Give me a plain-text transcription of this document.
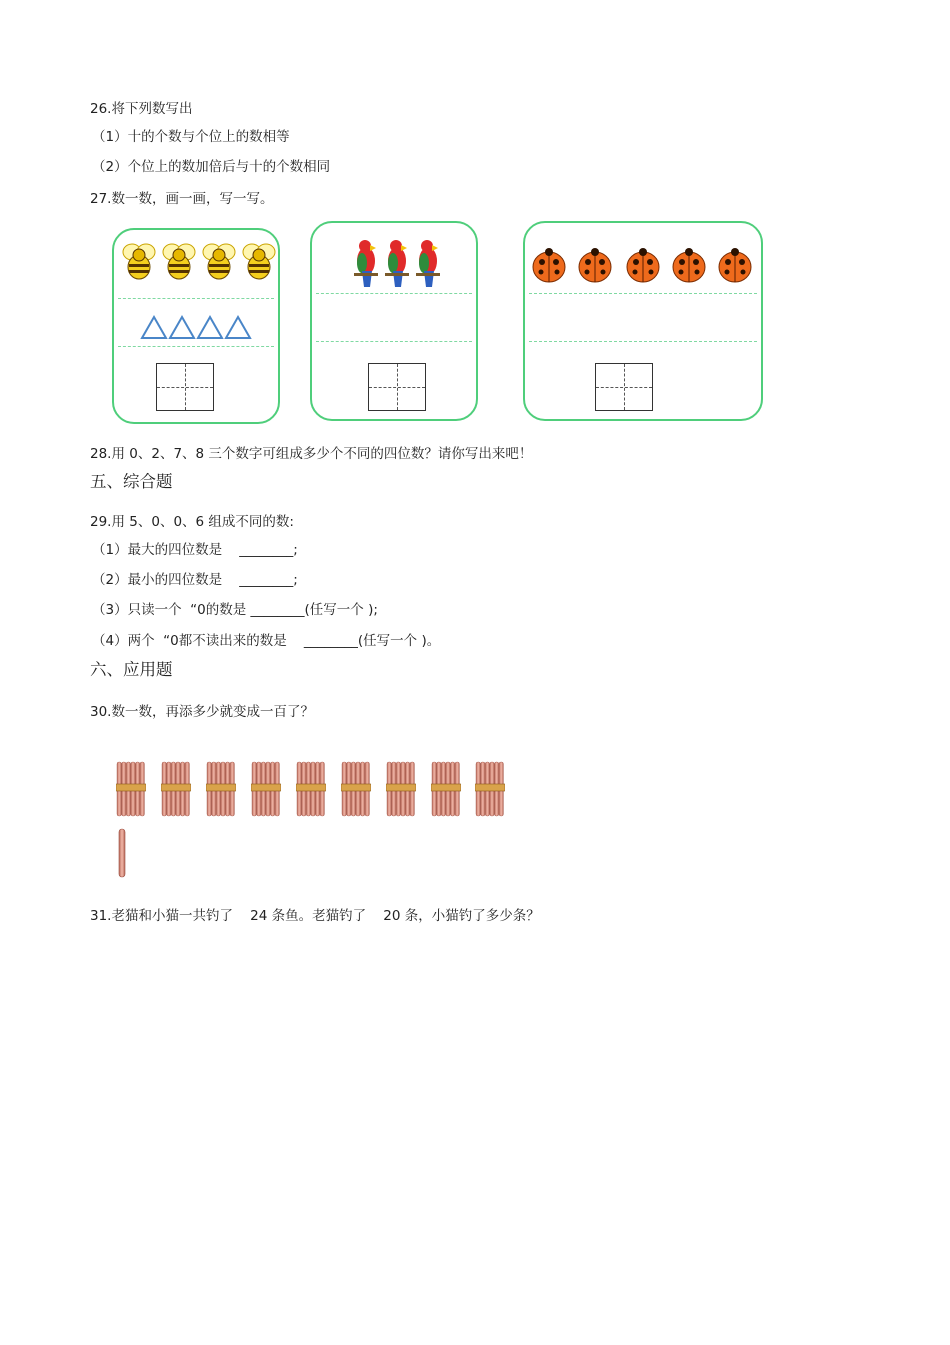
26.将下列数写出
（1）十的个数与个位上的数相等
（2）个位上的数加倍后与十的个数相同
27.数一数，画一画，写一写。
28.用 0、2、7、8 三个数字可组成多少个不同的四位数？请你写出来吧！
五、综合题
29.用 5、0、0、6 组成不同的数:
（1）最大的四位数是    ________;
（2）最小的四位数是    ________;
（3）只读一个  “0的数是 ________(任写一个 );
（4）两个  “0都不读出来的数是    ________(任写一个 )。
六、应用题
30.数一数，再添多少就变成一百了？
31.老猫和小猫一共钓了    24 条鱼。老猫钓了    20 条，小猫钓了多少条？
